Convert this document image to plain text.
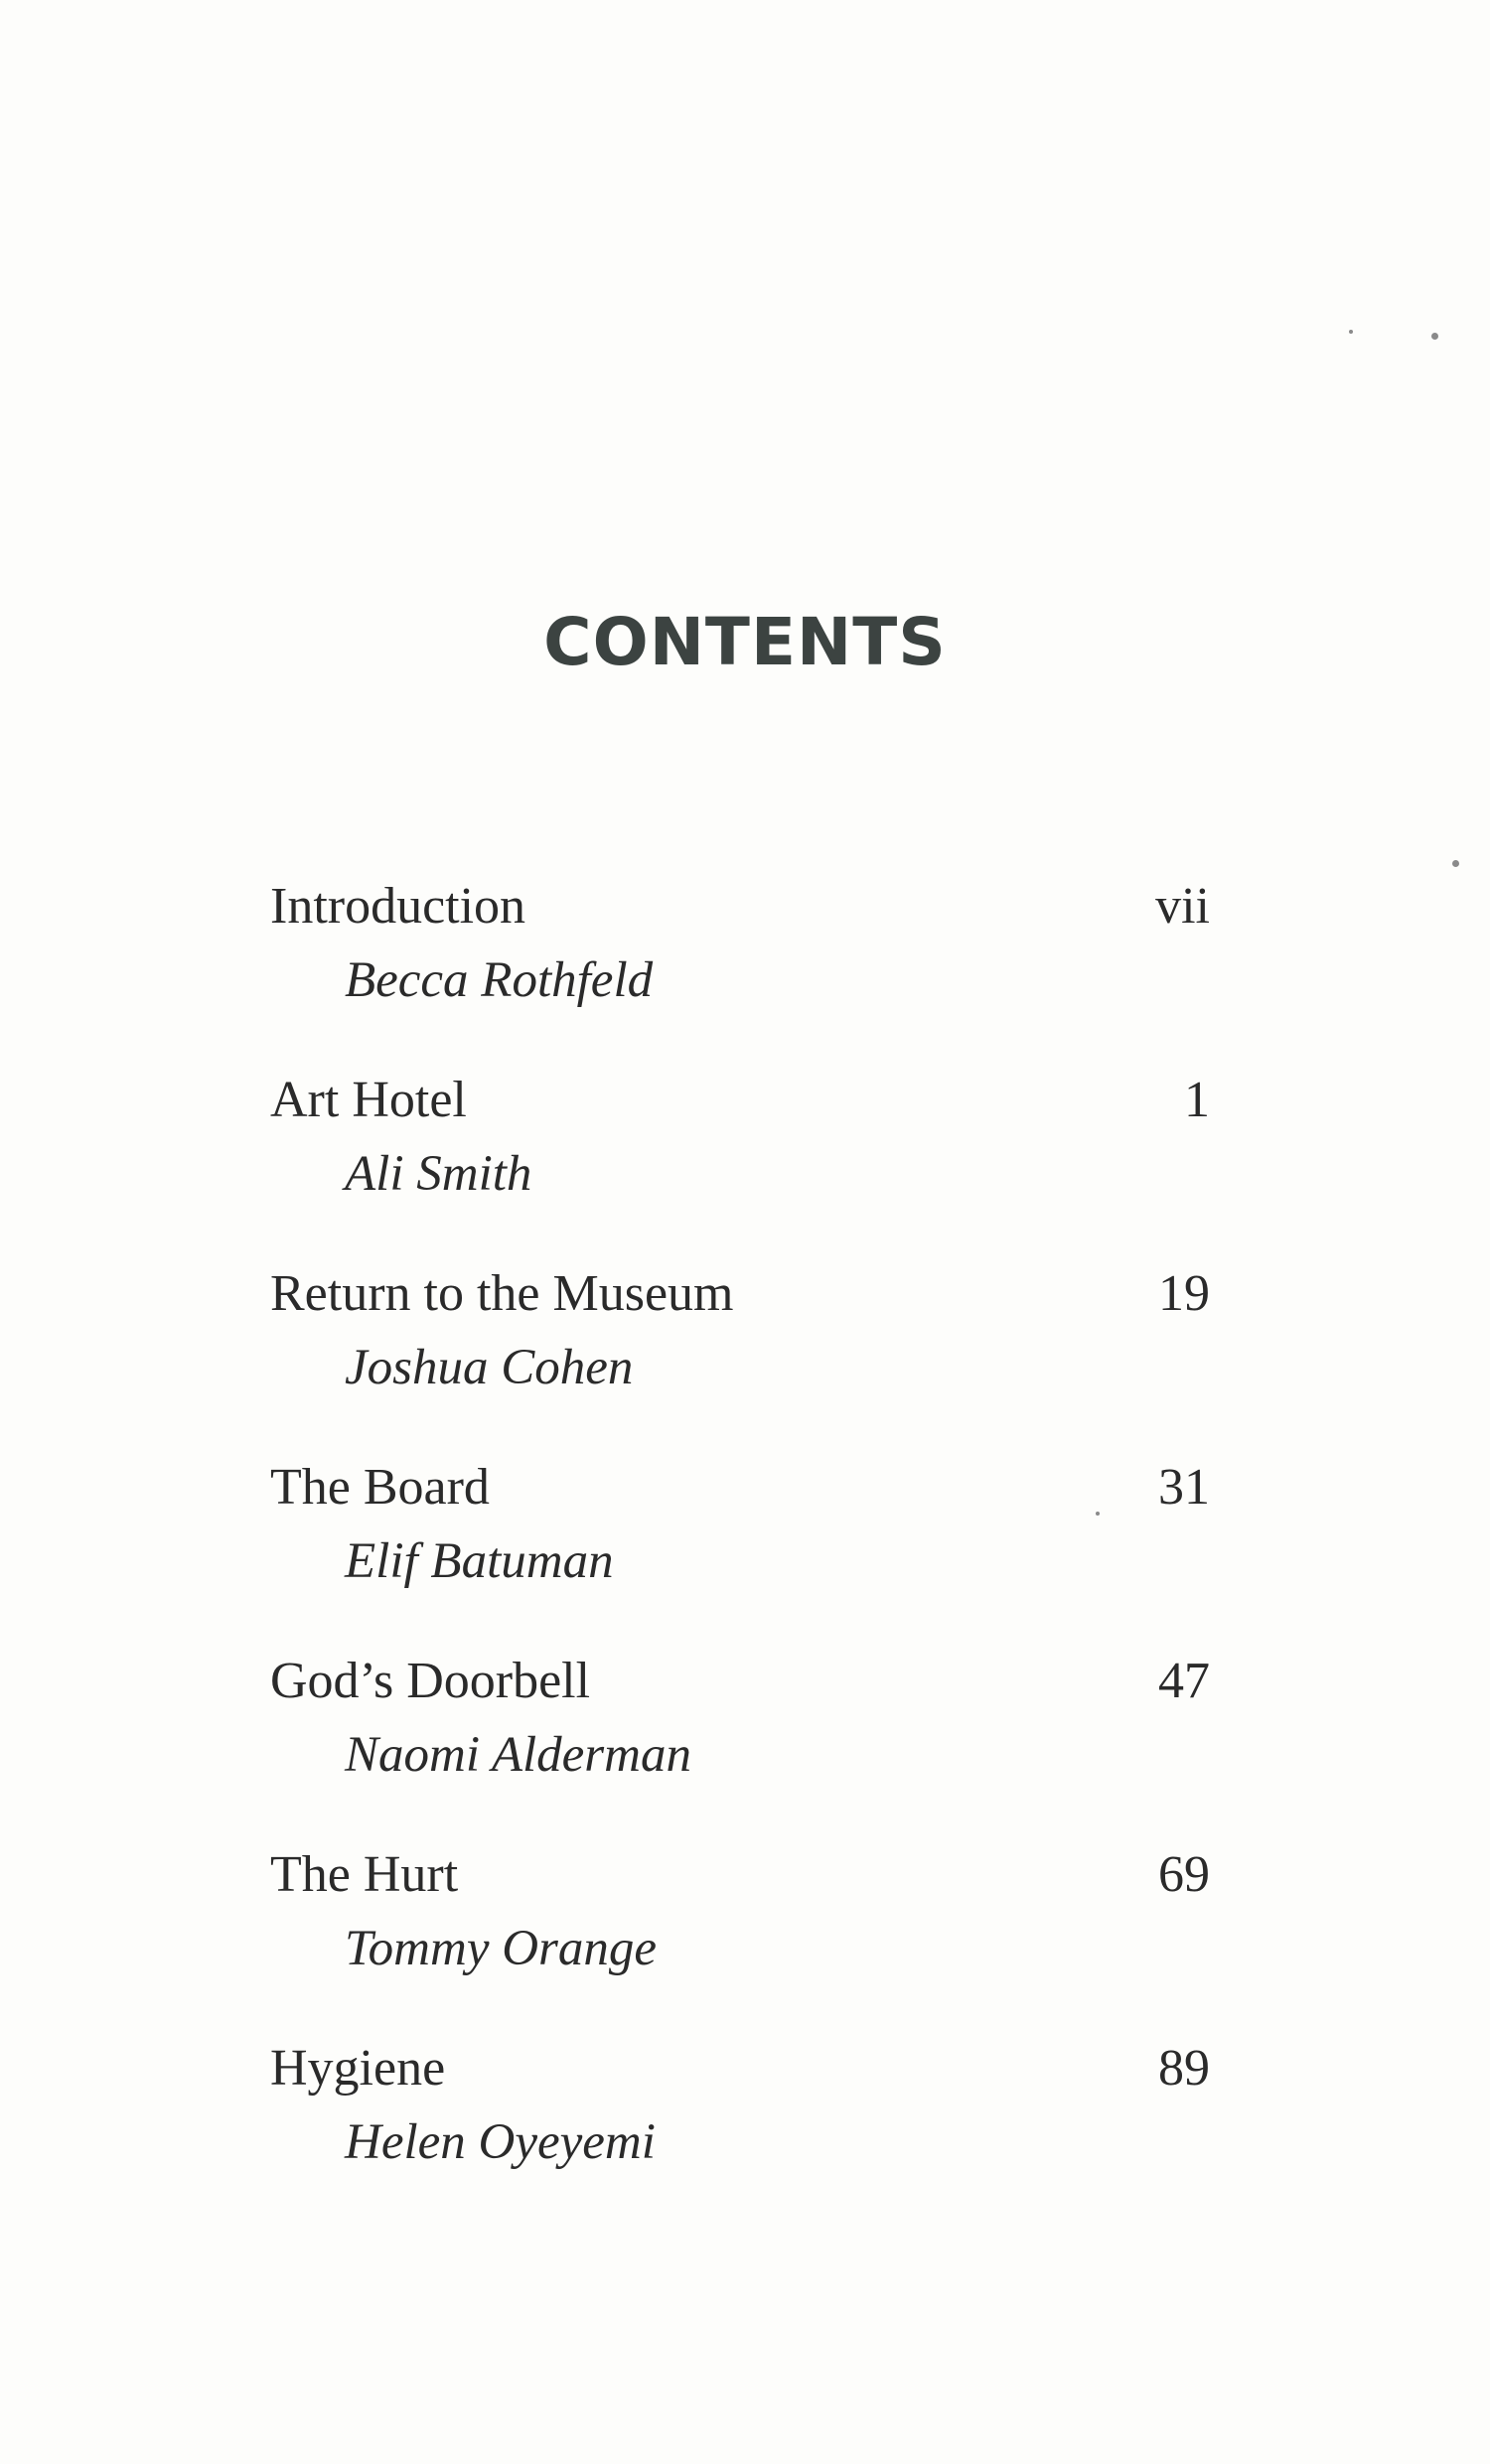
CONTENTS
Introduction	vii
Becca Rothfeld
Art Hotel	1
Ali Smith
Return to the Museum	19
Joshua Cohen
The Board	31
Elif Batuman
God’s Doorbell	47
Naomi Alderman
The Hurt	69
Tommy Orange
Hygiene	89
Helen Oyeyemi
